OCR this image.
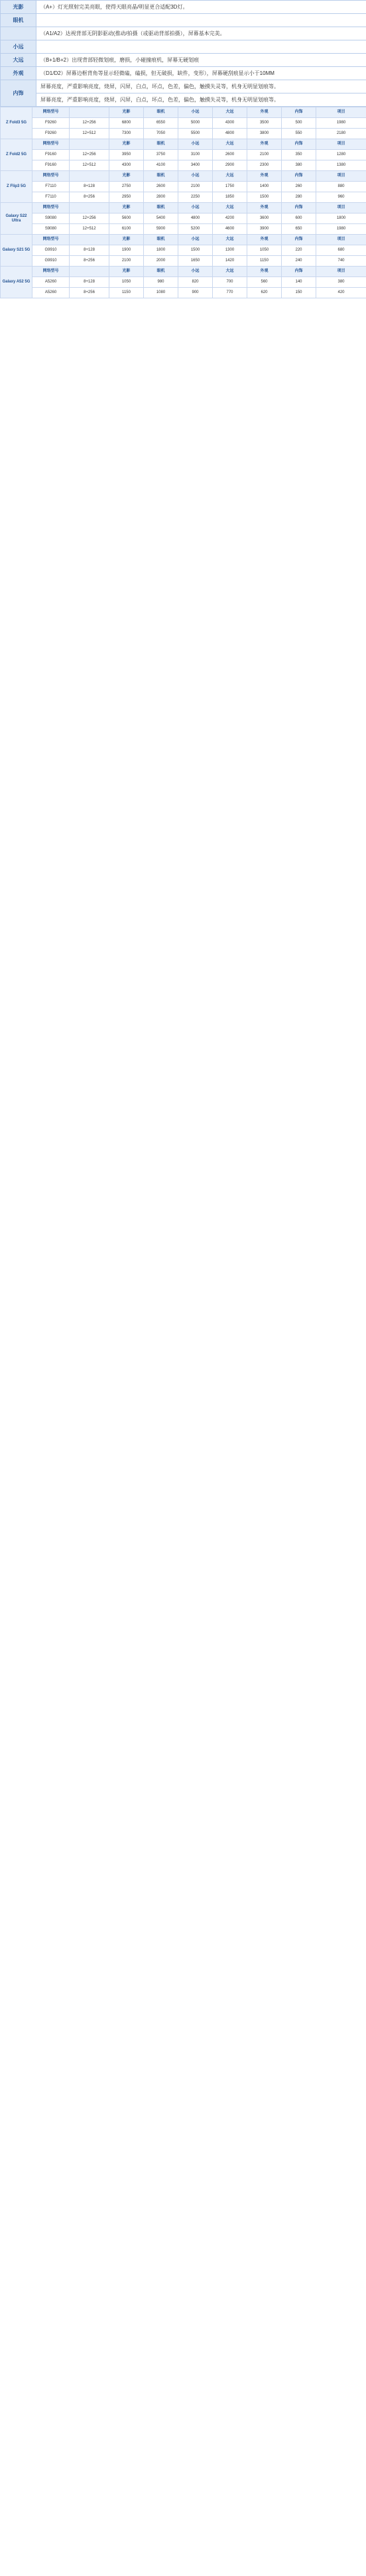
光影	（A+）灯光照射完美亮眼，使得天眼亮晶/明显更合适配3D灯。
眼机	
	（A1/A2）达视背部无阴影驱动(推动/拍摄（或驱动背部拍摄），屏幕基本完美。
小远	
大远	（B+1/B+2）出现背部轻微划痕，磨损，小碰撞痕机，屏幕无硬划痕
外观	（D1/D2）屏幕边框背角等显示轻微磕，磕损，但无破损，缺件，变形），屏幕硬刮痕显示小于10MM
内饰	屏幕亮度，严重影响亮度，烧屏，闪屏，白点，坏点，色差，偏色，触摸失灵等，机身无明显划痕等。
	屏幕亮度，严重影响亮度，烧屏，闪屏，白点，坏点，色差，偏色，触摸失灵等，机身无明显划痕等。
Z Fold3 5G	网络型号		光影	眼机	小远	大远	外观	内饰	项目
	F9260	12+256	6800	6550	5000	4300	3500	500	1980
	F9260	12+512	7300	7050	5500	4800	3800	550	2180
Z Fold2 5G	网络型号		光影	眼机	小远	大远	外观	内饰	项目
	F9160	12+256	3950	3750	3100	2600	2100	350	1280
	F9160	12+512	4300	4100	3400	2900	2300	380	1380
Z Flip3 5G	网络型号		光影	眼机	小远	大远	外观	内饰	项目
	F7110	8+128	2750	2600	2100	1750	1400	260	880
	F7110	8+256	2950	2800	2250	1850	1500	280	960
Galaxy S22 Ultra	网络型号		光影	眼机	小远	大远	外观	内饰	项目
	S9080	12+256	5600	5400	4800	4200	3600	600	1800
	S9080	12+512	6100	5900	5200	4600	3900	650	1980
Galaxy S21 5G	网络型号		光影	眼机	小远	大远	外观	内饰	项目
	G9910	8+128	1900	1800	1500	1300	1050	220	680
	G9910	8+256	2100	2000	1650	1420	1150	240	740
Galaxy A52 5G	网络型号		光影	眼机	小远	大远	外观	内饰	项目
	A5260	8+128	1050	980	820	700	560	140	380
	A5260	8+256	1150	1080	900	770	620	150	420
